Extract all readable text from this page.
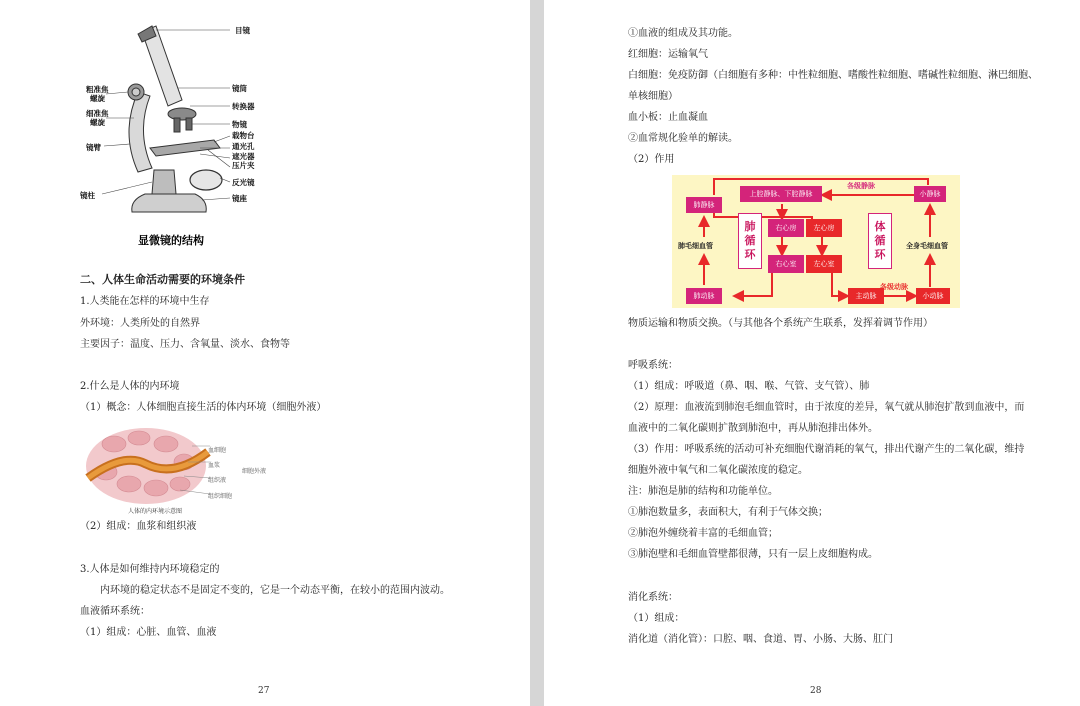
目镜
粗准焦
螺旋
细准焦
螺旋
镜臂
镜柱
镜筒
转换器
物镜
载物台
通光孔
遮光器
压片夹
反光镜
镜座
显微镜的结构
二、人体生命活动需要的环境条件
1.人类能在怎样的环境中生存
外环境：人类所处的自然界
主要因子：温度、压力、含氧量、淡水、食物等
2.什么是人体的内环境
（1）概念：人体细胞直接生活的体内环境（细胞外液）
血细胞
血浆
细胞外液
组织液
组织细胞
人体的内环境示意图
（2）组成：血浆和组织液
3.人体是如何维持内环境稳定的
内环境的稳定状态不是固定不变的，它是一个动态平衡，在较小的范围内波动。
血液循环系统：
（1）组成：心脏、血管、血液
27
①血液的组成及其功能。
红细胞：运输氧气
白细胞：免疫防御（白细胞有多种：中性粒细胞、嗜酸性粒细胞、嗜碱性粒细胞、淋巴细胞、
单核细胞）
血小板：止血凝血
②血常规化验单的解读。
（2）作用
上腔静脉、下腔静脉
各级静脉
小静脉
肺静脉
肺
循
环
右心房	左心房	体
循
环
肺毛细血管	全身毛细血管
右心室	左心室
肺动脉	主动脉
各级动脉
小动脉
物质运输和物质交换。（与其他各个系统产生联系，发挥着调节作用）
呼吸系统：
（1）组成：呼吸道（鼻、咽、喉、气管、支气管）、肺
（2）原理：血液流到肺泡毛细血管时，由于浓度的差异，氧气就从肺泡扩散到血液中，而
血液中的二氧化碳则扩散到肺泡中，再从肺泡排出体外。
（3）作用：呼吸系统的活动可补充细胞代谢消耗的氧气，排出代谢产生的二氧化碳，维持
细胞外液中氧气和二氧化碳浓度的稳定。
注：肺泡是肺的结构和功能单位。
①肺泡数量多，表面积大，有利于气体交换；
②肺泡外缠绕着丰富的毛细血管；
③肺泡壁和毛细血管壁都很薄，只有一层上皮细胞构成。
消化系统：
（1）组成：
消化道（消化管）：口腔、咽、食道、胃、小肠、大肠、肛门
28
